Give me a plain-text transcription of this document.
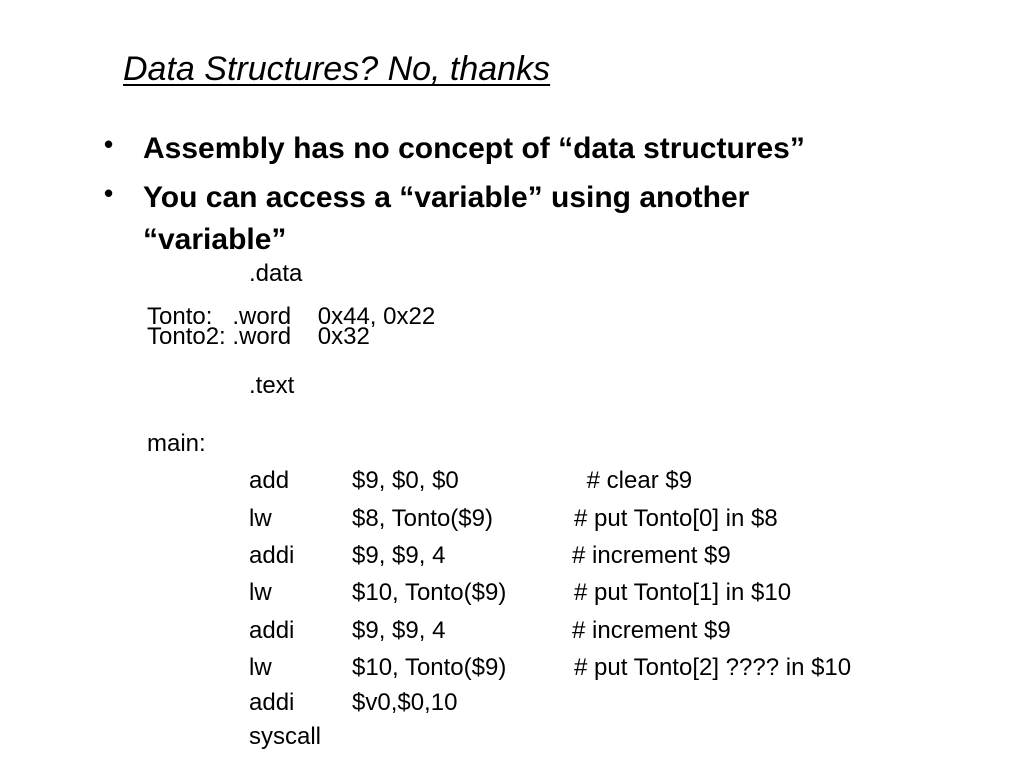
Data Structures? No, thanks
• Assembly has no concept of “data structures”
• You can access a “variable” using another “variable”
.data
Tonto:   .word    0x44, 0x22
Tonto2: .word    0x32
.text
main:
add	$9, $0, $0	# clear $9
lw	$8, Tonto($9)	# put Tonto[0] in $8
addi $9, $9, 4	# increment $9
lw	$10, Tonto($9)	# put Tonto[1] in $10
addi $9, $9, 4	# increment $9
lw	$10, Tonto($9)	# put Tonto[2] ???? in $10
addi $v0,$0,10
syscall
